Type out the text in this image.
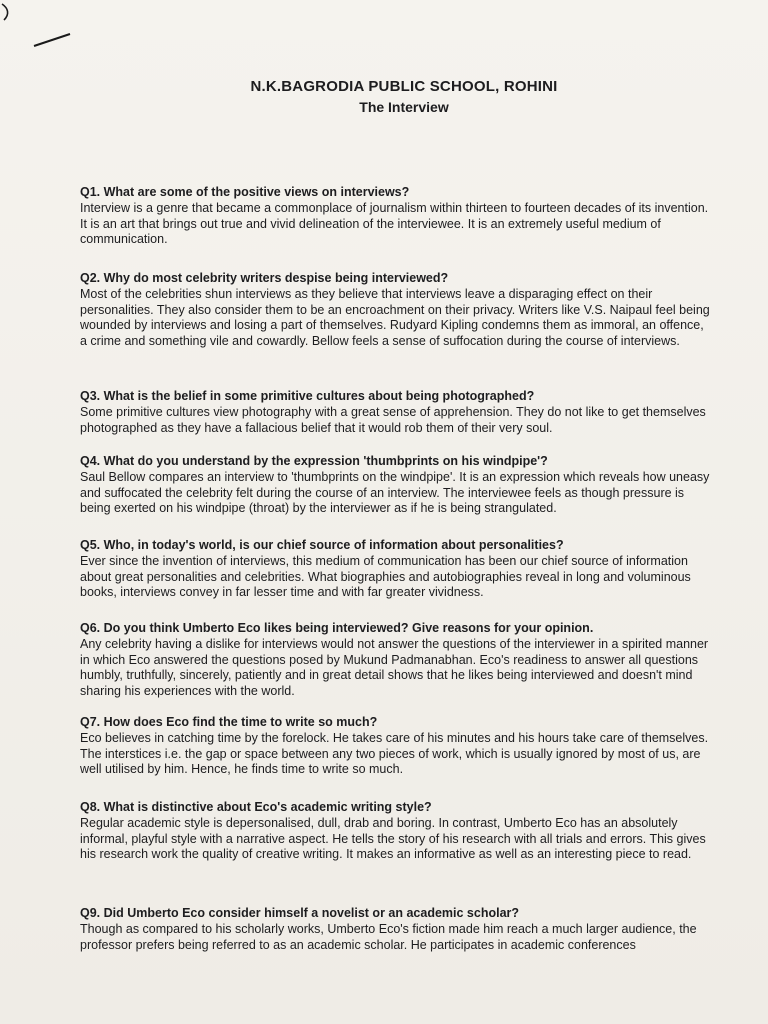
N.K.BAGRODIA PUBLIC SCHOOL, ROHINI
The Interview
Q1. What are some of the positive views on interviews?

Interview is a genre that became a commonplace of journalism within thirteen to fourteen decades of its invention. It is an art that brings out true and vivid delineation of the interviewee. It is an extremely useful medium of communication.

Q2. Why do most celebrity writers despise being interviewed?

Most of the celebrities shun interviews as they believe that interviews leave a disparaging effect on their personalities. They also consider them to be an encroachment on their privacy. Writers like V.S. Naipaul feel being wounded by interviews and losing a part of themselves. Rudyard Kipling condemns them as immoral, an offence, a crime and something vile and cowardly. Bellow feels a sense of suffocation during the course of interviews.

Q3. What is the belief in some primitive cultures about being photographed?

Some primitive cultures view photography with a great sense of apprehension. They do not like to get themselves photographed as they have a fallacious belief that it would rob them of their very soul.

Q4. What do you understand by the expression 'thumbprints on his windpipe'?

Saul Bellow compares an interview to 'thumbprints on the windpipe'. It is an expression which reveals how uneasy and suffocated the celebrity felt during the course of an interview. The interviewee feels as though pressure is being exerted on his windpipe (throat) by the interviewer as if he is being strangulated.

Q5. Who, in today's world, is our chief source of information about personalities?

Ever since the invention of interviews, this medium of communication has been our chief source of information about great personalities and celebrities. What biographies and autobiographies reveal in long and voluminous books, interviews convey in far lesser time and with far greater vividness.

Q6. Do you think Umberto Eco likes being interviewed? Give reasons for your opinion.

Any celebrity having a dislike for interviews would not answer the questions of the interviewer in a spirited manner in which Eco answered the questions posed by Mukund Padmanabhan. Eco's readiness to answer all questions humbly, truthfully, sincerely, patiently and in great detail shows that he likes being interviewed and doesn't mind sharing his experiences with the world.

Q7. How does Eco find the time to write so much?

Eco believes in catching time by the forelock. He takes care of his minutes and his hours take care of themselves. The interstices i.e. the gap or space between any two pieces of work, which is usually ignored by most of us, are well utilised by him. Hence, he finds time to write so much.

Q8. What is distinctive about Eco's academic writing style?

Regular academic style is depersonalised, dull, drab and boring. In contrast, Umberto Eco has an absolutely informal, playful style with a narrative aspect. He tells the story of his research with all trials and errors. This gives his research work the quality of creative writing. It makes an informative as well as an interesting piece to read.

Q9. Did Umberto Eco consider himself a novelist or an academic scholar?

Though as compared to his scholarly works, Umberto Eco's fiction made him reach a much larger audience, the professor prefers being referred to as an academic scholar. He participates in academic conferences
